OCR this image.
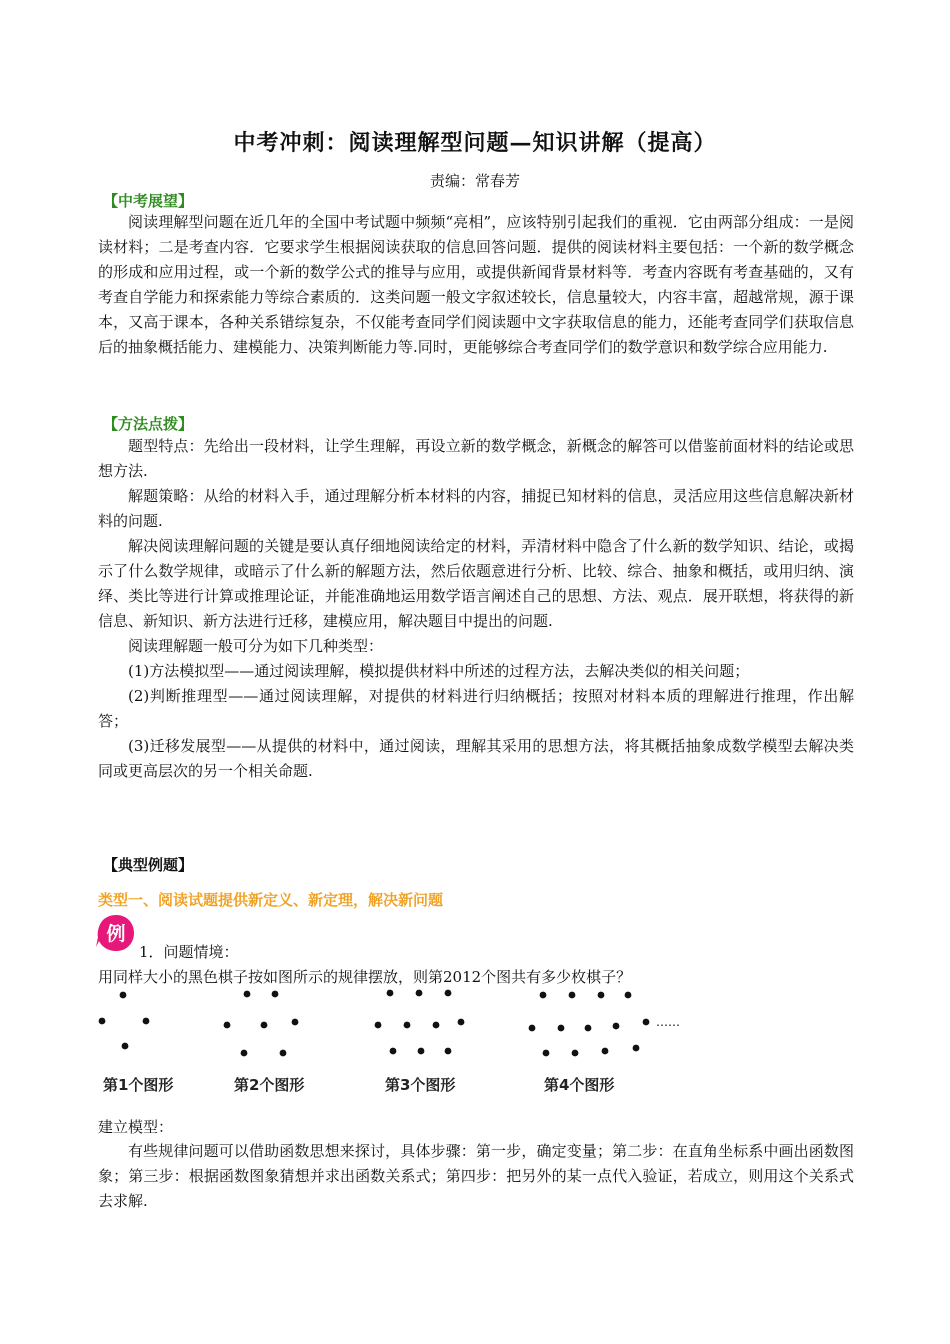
中考冲刺：阅读理解型问题—知识讲解（提高）
责编：常春芳
【中考展望】

阅读理解型问题在近几年的全国中考试题中频频“亮相”，应该特别引起我们的重视．它由两部分组成：一是阅读材料；二是考查内容．它要求学生根据阅读获取的信息回答问题．提供的阅读材料主要包括：一个新的数学概念的形成和应用过程，或一个新的数学公式的推导与应用，或提供新闻背景材料等．考查内容既有考查基础的，又有考查自学能力和探索能力等综合素质的．这类问题一般文字叙述较长，信息量较大，内容丰富，超越常规，源于课本，又高于课本，各种关系错综复杂，不仅能考查同学们阅读题中文字获取信息的能力，还能考查同学们获取信息后的抽象概括能力、建模能力、决策判断能力等.同时，更能够综合考查同学们的数学意识和数学综合应用能力.

【方法点拨】

题型特点：先给出一段材料，让学生理解，再设立新的数学概念，新概念的解答可以借鉴前面材料的结论或思想方法.

解题策略：从给的材料入手，通过理解分析本材料的内容，捕捉已知材料的信息，灵活应用这些信息解决新材料的问题.

解决阅读理解问题的关键是要认真仔细地阅读给定的材料，弄清材料中隐含了什么新的数学知识、结论，或揭示了什么数学规律，或暗示了什么新的解题方法，然后依题意进行分析、比较、综合、抽象和概括，或用归纳、演绎、类比等进行计算或推理论证，并能准确地运用数学语言阐述自己的思想、方法、观点．展开联想，将获得的新信息、新知识、新方法进行迁移，建模应用，解决题目中提出的问题.

阅读理解题一般可分为如下几种类型：

(1)方法模拟型——通过阅读理解，模拟提供材料中所述的过程方法，去解决类似的相关问题；

(2)判断推理型——通过阅读理解，对提供的材料进行归纳概括；按照对材料本质的理解进行推理，作出解答；

(3)迁移发展型——从提供的材料中，通过阅读，理解其采用的思想方法，将其概括抽象成数学模型去解决类同或更高层次的另一个相关命题.

【典型例题】
类型一、阅读试题提供新定义、新定理，解决新问题
例
1．问题情境：
用同样大小的黑色棋子按如图所示的规律摆放，则第2012个图共有多少枚棋子？
……
第1个图形	第2个图形	第3个图形	第4个图形
建立模型：

有些规律问题可以借助函数思想来探讨，具体步骤：第一步，确定变量；第二步：在直角坐标系中画出函数图象；第三步：根据函数图象猜想并求出函数关系式；第四步：把另外的某一点代入验证，若成立，则用这个关系式去求解.
